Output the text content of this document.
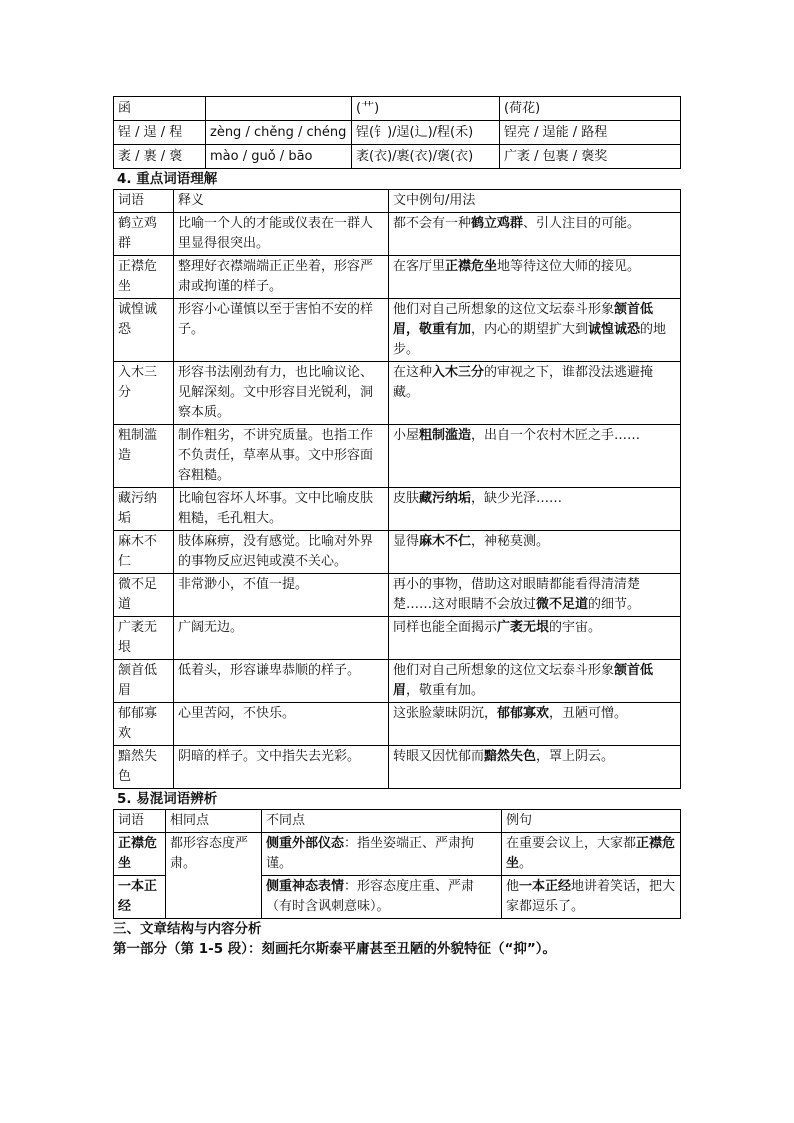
函		(艹)	(荷花)
锃 / 逞 / 程	zèng / chěng / chéng	锃(钅)/逞(辶)/程(禾)	锃亮 / 逞能 / 路程
袤 / 裹 / 褒	mào / guǒ / bāo	袤(衣)/裹(衣)/褒(衣)	广袤 / 包裹 / 褒奖
4. 重点词语理解
词语	释义	文中例句/用法
鹤立鸡群	比喻一个人的才能或仪表在一群人里显得很突出。	都不会有一种鹤立鸡群、引人注目的可能。
正襟危坐	整理好衣襟端端正正坐着，形容严肃或拘谨的样子。	在客厅里正襟危坐地等待这位大师的接见。
诚惶诚恐	形容小心谨慎以至于害怕不安的样子。	他们对自己所想象的这位文坛泰斗形象颔首低眉，敬重有加，内心的期望扩大到诚惶诚恐的地步。
入木三分	形容书法刚劲有力，也比喻议论、见解深刻。文中形容目光锐利，洞察本质。	在这种入木三分的审视之下，谁都没法逃避掩藏。
粗制滥造	制作粗劣，不讲究质量。也指工作不负责任，草率从事。文中形容面容粗糙。	小屋粗制滥造，出自一个农村木匠之手……
藏污纳垢	比喻包容坏人坏事。文中比喻皮肤粗糙，毛孔粗大。	皮肤藏污纳垢，缺少光泽……
麻木不仁	肢体麻痹，没有感觉。比喻对外界的事物反应迟钝或漠不关心。	显得麻木不仁，神秘莫测。
微不足道	非常渺小，不值一提。	再小的事物，借助这对眼睛都能看得清清楚楚……这对眼睛不会放过微不足道的细节。
广袤无垠	广阔无边。	同样也能全面揭示广袤无垠的宇宙。
颔首低眉	低着头，形容谦卑恭顺的样子。	他们对自己所想象的这位文坛泰斗形象颔首低眉，敬重有加。
郁郁寡欢	心里苦闷，不快乐。	这张脸蒙昧阴沉，郁郁寡欢，丑陋可憎。
黯然失色	阴暗的样子。文中指失去光彩。	转眼又因忧郁而黯然失色，罩上阴云。
5. 易混词语辨析
词语	相同点	不同点	例句
正襟危坐	都形容态度严肃。	侧重外部仪态：指坐姿端正、严肃拘谨。	在重要会议上，大家都正襟危坐。
一本正经		侧重神态表情：形容态度庄重、严肃（有时含讽刺意味）。	他一本正经地讲着笑话，把大家都逗乐了。
三、文章结构与内容分析
第一部分（第 1-5 段）：刻画托尔斯泰平庸甚至丑陋的外貌特征（“抑”）。
